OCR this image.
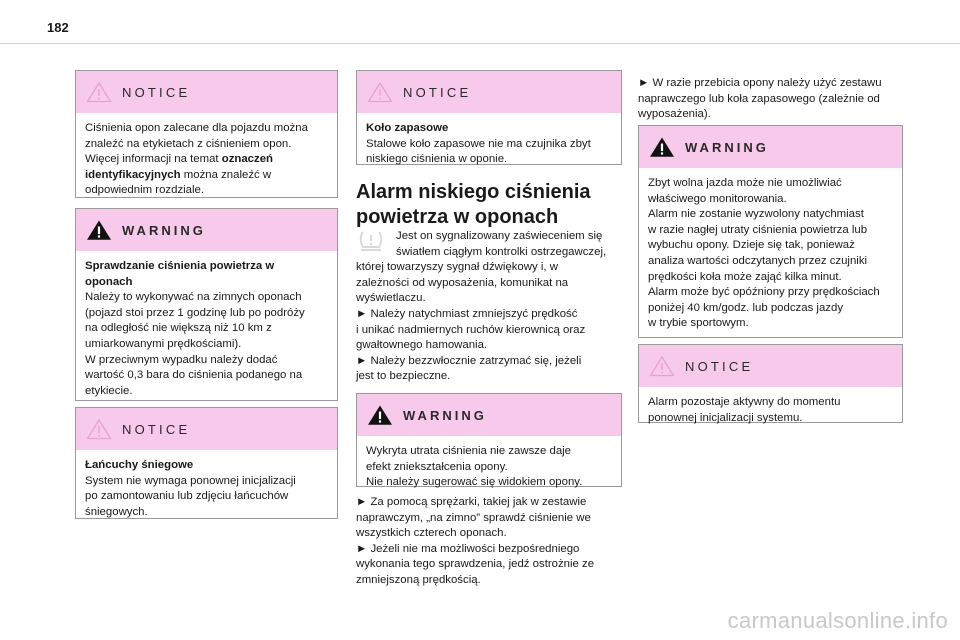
182
NOTICE

Ciśnienia opon zalecane dla pojazdu można

znaleźć na etykietach z ciśnieniem opon.

Więcej informacji na temat oznaczeń

identyfikacyjnych można znaleźć w

odpowiednim rozdziale.

WARNING

Sprawdzanie ciśnienia powietrza w

oponach

Należy to wykonywać na zimnych oponach

(pojazd stoi przez 1 godzinę lub po podróży

na odległość nie większą niż 10 km z

umiarkowanymi prędkościami).

W przeciwnym wypadku należy dodać

wartość 0,3 bara do ciśnienia podanego na

etykiecie.

NOTICE

Łańcuchy śniegowe

System nie wymaga ponownej inicjalizacji

po zamontowaniu lub zdjęciu łańcuchów

śniegowych.

NOTICE

Koło zapasowe

Stalowe koło zapasowe nie ma czujnika zbyt

niskiego ciśnienia w oponie.

Alarm niskiego ciśnienia
powietrza w oponach

Jest on sygnalizowany zaświeceniem się

światłem ciągłym kontrolki ostrzegawczej,

której towarzyszy sygnał dźwiękowy i, w

zależności od wyposażenia, komunikat na

wyświetlaczu.

► Należy natychmiast zmniejszyć prędkość

i unikać nadmiernych ruchów kierownicą oraz

gwałtownego hamowania.

► Należy bezzwłocznie zatrzymać się, jeżeli

jest to bezpieczne.

WARNING

Wykryta utrata ciśnienia nie zawsze daje

efekt zniekształcenia opony.

Nie należy sugerować się widokiem opony.

► Za pomocą sprężarki, takiej jak w zestawie

naprawczym, „na zimno” sprawdź ciśnienie we

wszystkich czterech oponach.

► Jeżeli nie ma możliwości bezpośredniego

wykonania tego sprawdzenia, jedź ostrożnie ze

zmniejszoną prędkością.

► W razie przebicia opony należy użyć zestawu

naprawczego lub koła zapasowego (zależnie od

wyposażenia).

WARNING

Zbyt wolna jazda może nie umożliwiać

właściwego monitorowania.

Alarm nie zostanie wyzwolony natychmiast

w razie nagłej utraty ciśnienia powietrza lub

wybuchu opony. Dzieje się tak, ponieważ

analiza wartości odczytanych przez czujniki

prędkości koła może zająć kilka minut.

Alarm może być opóźniony przy prędkościach

poniżej 40 km/godz. lub podczas jazdy

w trybie sportowym.

NOTICE

Alarm pozostaje aktywny do momentu

ponownej inicjalizacji systemu.

carmanualsonline.info
